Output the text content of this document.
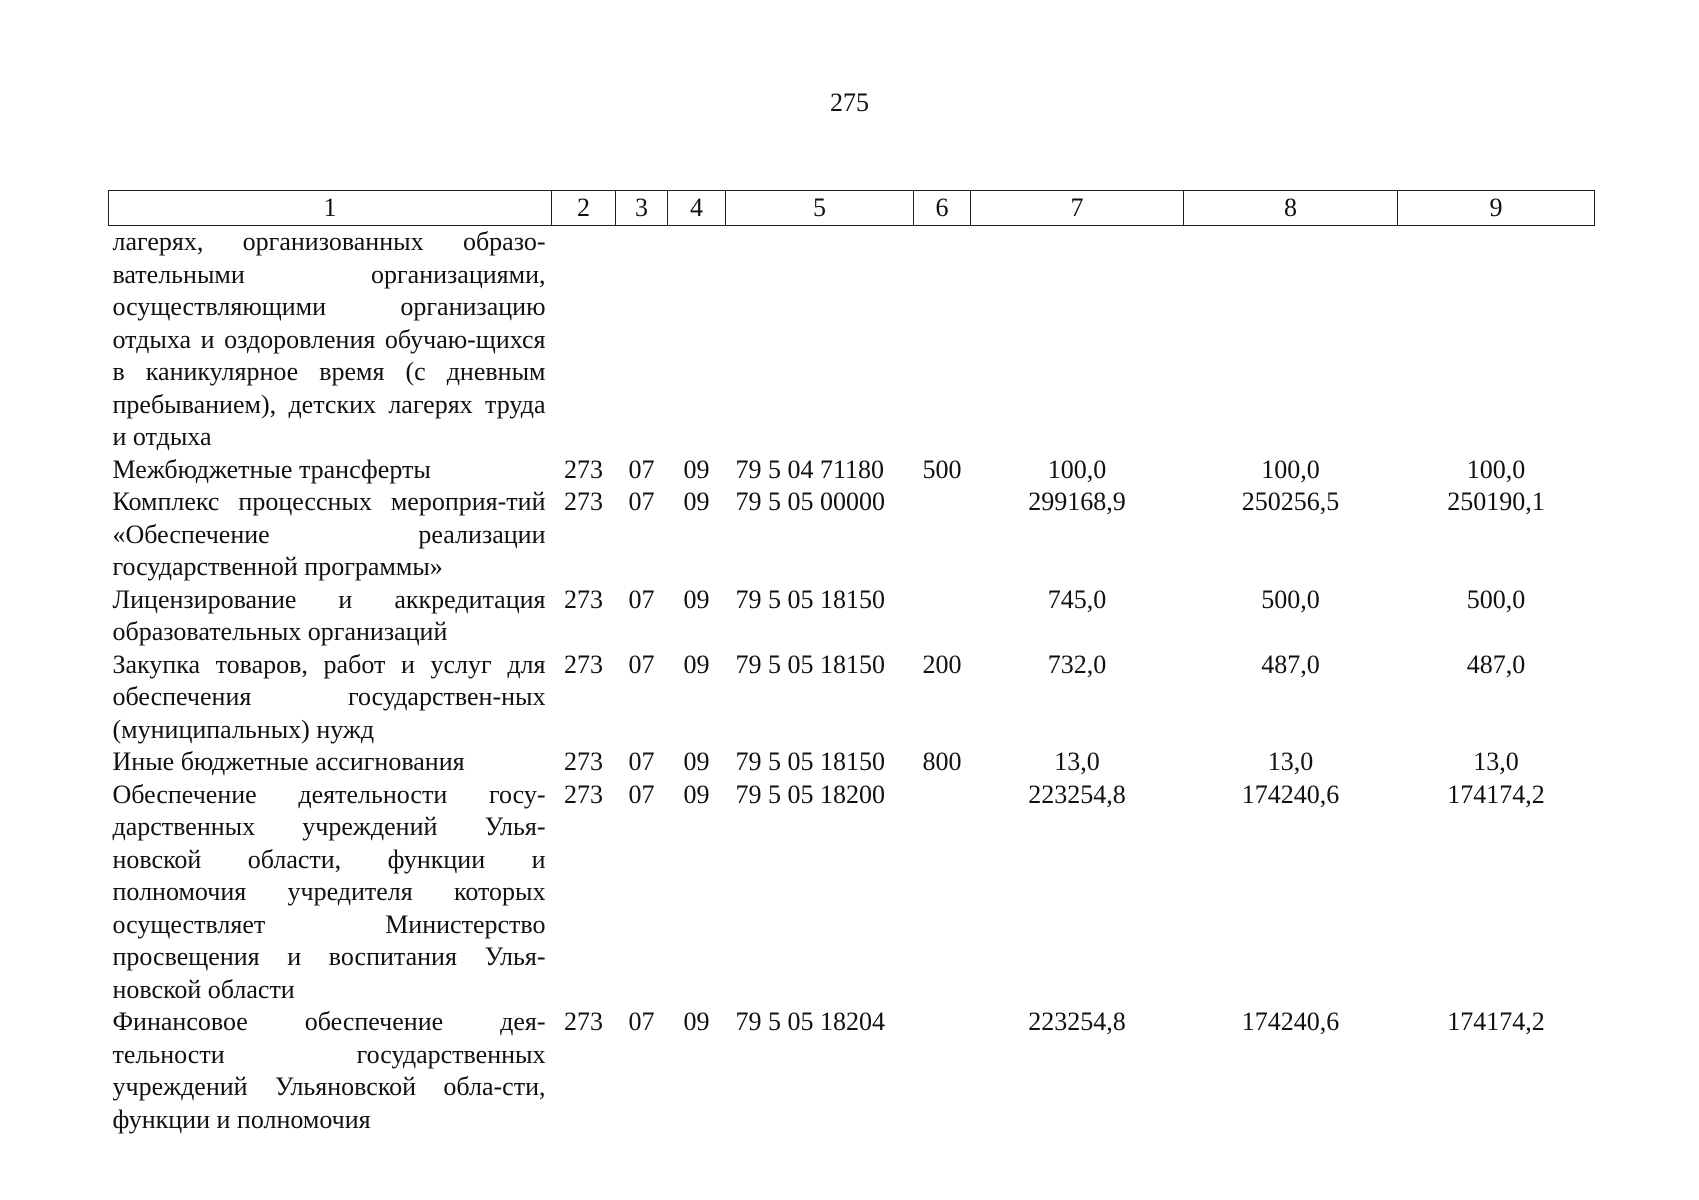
275
1	2	3	4	5	6	7	8	9
лагерях, организованных образо-вательными организациями, осуществляющими организацию отдыха и оздоровления обучаю-щихся в каникулярное время (с дневным пребыванием), детских лагерях труда и отдыха								
Межбюджетные трансферты	273	07	09	79 5 04 71180	500	100,0	100,0	100,0
Комплекс процессных мероприя-тий «Обеспечение реализации государственной программы»	273	07	09	79 5 05 00000		299168,9	250256,5	250190,1
Лицензирование и аккредитация образовательных организаций	273	07	09	79 5 05 18150		745,0	500,0	500,0
Закупка товаров, работ и услуг для обеспечения государствен-ных (муниципальных) нужд	273	07	09	79 5 05 18150	200	732,0	487,0	487,0
Иные бюджетные ассигнования	273	07	09	79 5 05 18150	800	13,0	13,0	13,0
Обеспечение деятельности госу-дарственных учреждений Улья-новской области, функции и полномочия учредителя которых осуществляет Министерство просвещения и воспитания Улья-новской области	273	07	09	79 5 05 18200		223254,8	174240,6	174174,2
Финансовое обеспечение дея-тельности государственных учреждений Ульяновской обла-сти, функции и полномочия	273	07	09	79 5 05 18204		223254,8	174240,6	174174,2
